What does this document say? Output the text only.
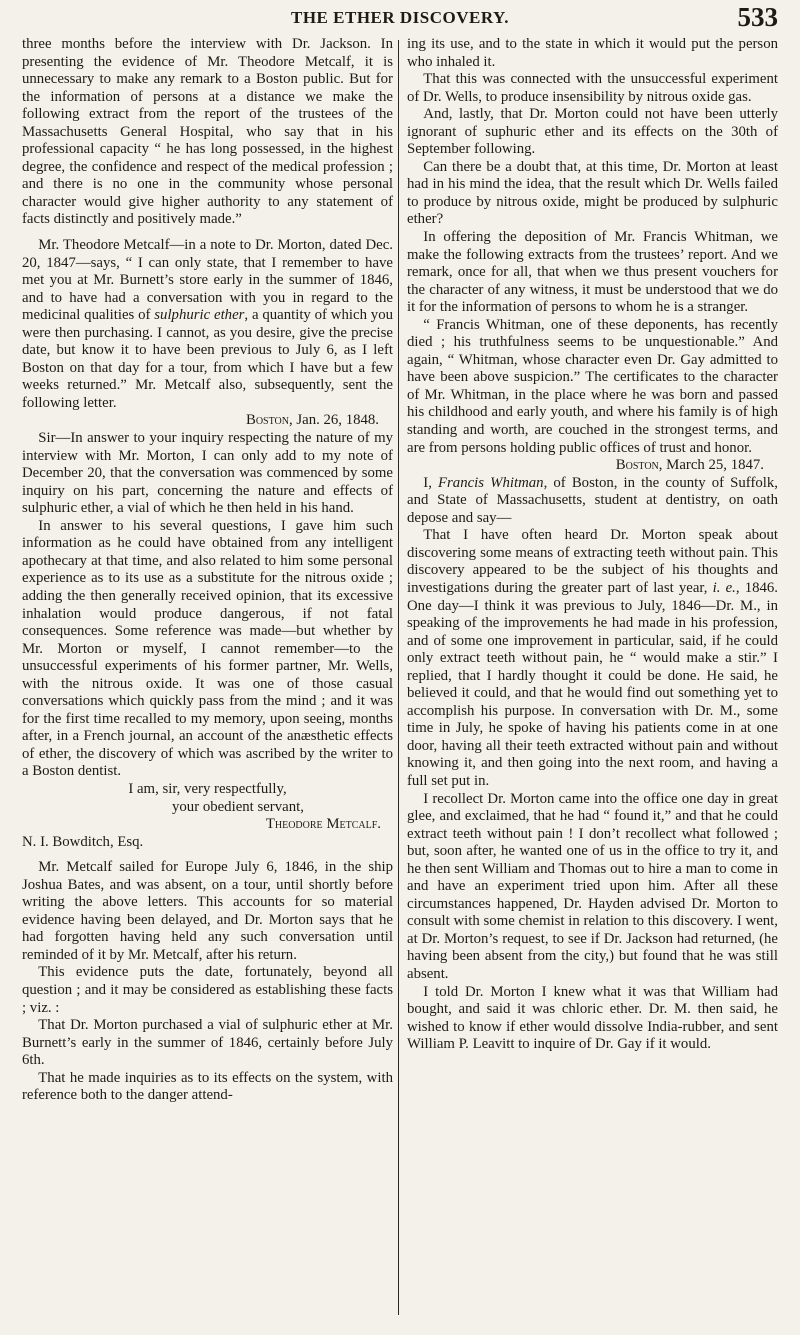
THE ETHER DISCOVERY.	533

three months before the interview with Dr. Jackson. In presenting the evidence of Mr. Theodore Metcalf, it is unnecessary to make any remark to a Boston public. But for the information of persons at a distance we make the following extract from the report of the trustees of the Massachusetts General Hospital, who say that in his professional capacity “ he has long possessed, in the highest degree, the confidence and respect of the medical profession ; and there is no one in the community whose personal character would give higher authority to any statement of facts distinctly and positively made.”

Mr. Theodore Metcalf—in a note to Dr. Morton, dated Dec. 20, 1847—says, “ I can only state, that I remember to have met you at Mr. Burnett’s store early in the summer of 1846, and to have had a conversation with you in regard to the medicinal qualities of sulphuric ether, a quantity of which you were then purchasing. I cannot, as you desire, give the precise date, but know it to have been previous to July 6, as I left Boston on that day for a tour, from which I have but a few weeks returned.” Mr. Metcalf also, subsequently, sent the following letter.

Boston, Jan. 26, 1848.

Sir—In answer to your inquiry respecting the nature of my interview with Mr. Morton, I can only add to my note of December 20, that the conversation was commenced by some inquiry on his part, concerning the nature and effects of sulphuric ether, a vial of which he then held in his hand.

In answer to his several questions, I gave him such information as he could have obtained from any intelligent apothecary at that time, and also related to him some personal experience as to its use as a substitute for the nitrous oxide ; adding the then generally received opinion, that its excessive inhalation would produce dangerous, if not fatal consequences. Some reference was made—but whether by Mr. Morton or myself, I cannot remember—to the unsuccessful experiments of his former partner, Mr. Wells, with the nitrous oxide. It was one of those casual conversations which quickly pass from the mind ; and it was for the first time recalled to my memory, upon seeing, months after, in a French journal, an account of the anæsthetic effects of ether, the discovery of which was ascribed by the writer to a Boston dentist.

I am, sir, very respectfully,

your obedient servant,

Theodore Metcalf.

N. I. Bowditch, Esq.

Mr. Metcalf sailed for Europe July 6, 1846, in the ship Joshua Bates, and was absent, on a tour, until shortly before writing the above letters. This accounts for so material evidence having been delayed, and Dr. Morton says that he had forgotten having held any such conversation until reminded of it by Mr. Metcalf, after his return.

This evidence puts the date, fortunately, beyond all question ; and it may be considered as establishing these facts ; viz. :

That Dr. Morton purchased a vial of sulphuric ether at Mr. Burnett’s early in the summer of 1846, certainly before July 6th.

That he made inquiries as to its effects on the system, with reference both to the danger attend-

ing its use, and to the state in which it would put the person who inhaled it.

That this was connected with the unsuccessful experiment of Dr. Wells, to produce insensibility by nitrous oxide gas.

And, lastly, that Dr. Morton could not have been utterly ignorant of suphuric ether and its effects on the 30th of September following.

Can there be a doubt that, at this time, Dr. Morton at least had in his mind the idea, that the result which Dr. Wells failed to produce by nitrous oxide, might be produced by sulphuric ether?

In offering the deposition of Mr. Francis Whitman, we make the following extracts from the trustees’ report. And we remark, once for all, that when we thus present vouchers for the character of any witness, it must be understood that we do it for the information of persons to whom he is a stranger.

“ Francis Whitman, one of these deponents, has recently died ; his truthfulness seems to be unquestionable.” And again, “ Whitman, whose character even Dr. Gay admitted to have been above suspicion.” The certificates to the character of Mr. Whitman, in the place where he was born and passed his childhood and early youth, and where his family is of high standing and worth, are couched in the strongest terms, and are from persons holding public offices of trust and honor.

Boston, March 25, 1847.

I, Francis Whitman, of Boston, in the county of Suffolk, and State of Massachusetts, student at dentistry, on oath depose and say—

That I have often heard Dr. Morton speak about discovering some means of extracting teeth without pain. This discovery appeared to be the subject of his thoughts and investigations during the greater part of last year, i. e., 1846. One day—I think it was previous to July, 1846—Dr. M., in speaking of the improvements he had made in his profession, and of some one improvement in particular, said, if he could only extract teeth without pain, he “ would make a stir.” I replied, that I hardly thought it could be done. He said, he believed it could, and that he would find out something yet to accomplish his purpose. In conversation with Dr. M., some time in July, he spoke of having his patients come in at one door, having all their teeth extracted without pain and without knowing it, and then going into the next room, and having a full set put in.

I recollect Dr. Morton came into the office one day in great glee, and exclaimed, that he had “ found it,” and that he could extract teeth without pain ! I don’t recollect what followed ; but, soon after, he wanted one of us in the office to try it, and he then sent William and Thomas out to hire a man to come in and have an experiment tried upon him. After all these circumstances happened, Dr. Hayden advised Dr. Morton to consult with some chemist in relation to this discovery. I went, at Dr. Morton’s request, to see if Dr. Jackson had returned, (he having been absent from the city,) but found that he was still absent.

I told Dr. Morton I knew what it was that William had bought, and said it was chloric ether. Dr. M. then said, he wished to know if ether would dissolve India-rubber, and sent William P. Leavitt to inquire of Dr. Gay if it would.
